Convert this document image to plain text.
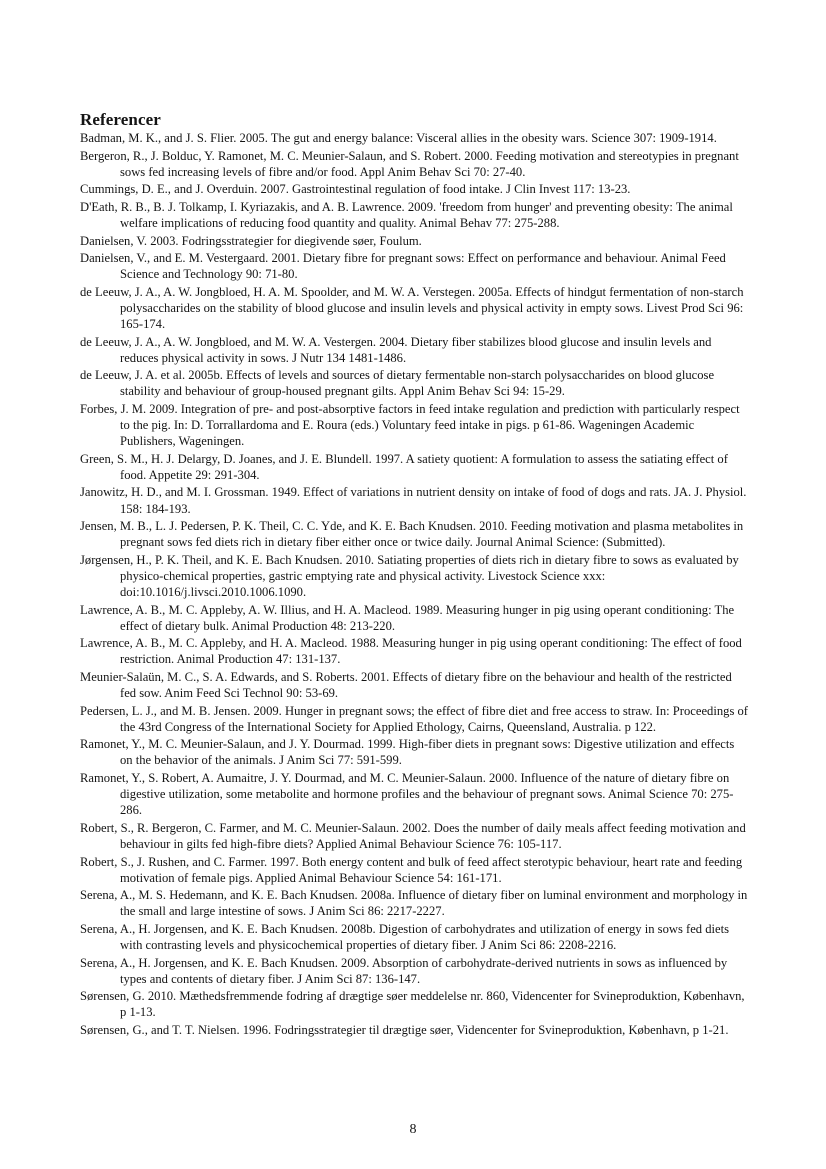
Referencer
Badman, M. K., and J. S. Flier. 2005. The gut and energy balance: Visceral allies in the obesity wars. Science 307: 1909-1914.
Bergeron, R., J. Bolduc, Y. Ramonet, M. C. Meunier-Salaun, and S. Robert. 2000. Feeding motivation and stereotypies in pregnant sows fed increasing levels of fibre and/or food. Appl Anim Behav Sci 70: 27-40.
Cummings, D. E., and J. Overduin. 2007. Gastrointestinal regulation of food intake. J Clin Invest 117: 13-23.
D'Eath, R. B., B. J. Tolkamp, I. Kyriazakis, and A. B. Lawrence. 2009. 'freedom from hunger' and preventing obesity: The animal welfare implications of reducing food quantity and quality. Animal Behav 77: 275-288.
Danielsen, V. 2003. Fodringsstrategier for diegivende søer, Foulum.
Danielsen, V., and E. M. Vestergaard. 2001. Dietary fibre for pregnant sows: Effect on performance and behaviour. Animal Feed Science and Technology 90: 71-80.
de Leeuw, J. A., A. W. Jongbloed, H. A. M. Spoolder, and M. W. A. Verstegen. 2005a. Effects of hindgut fermentation of non-starch polysaccharides on the stability of blood glucose and insulin levels and physical activity in empty sows. Livest Prod Sci 96: 165-174.
de Leeuw, J. A., A. W. Jongbloed, and M. W. A. Vestergen. 2004. Dietary fiber stabilizes blood glucose and insulin levels and reduces physical activity in sows. J Nutr 134 1481-1486.
de Leeuw, J. A. et al. 2005b. Effects of levels and sources of dietary fermentable non-starch polysaccharides on blood glucose stability and behaviour of group-housed pregnant gilts. Appl Anim Behav Sci 94: 15-29.
Forbes, J. M. 2009. Integration of pre- and post-absorptive factors in feed intake regulation and prediction with particularly respect to the pig. In: D. Torrallardoma and E. Roura (eds.) Voluntary feed intake in pigs. p 61-86. Wageningen Academic Publishers, Wageningen.
Green, S. M., H. J. Delargy, D. Joanes, and J. E. Blundell. 1997. A satiety quotient: A formulation to assess the satiating effect of food. Appetite 29: 291-304.
Janowitz, H. D., and M. I. Grossman. 1949. Effect of variations in nutrient density on intake of food of dogs and rats. JA. J. Physiol. 158: 184-193.
Jensen, M. B., L. J. Pedersen, P. K. Theil, C. C. Yde, and K. E. Bach Knudsen. 2010. Feeding motivation and plasma metabolites in pregnant sows fed diets rich in dietary fiber either once or twice daily. Journal Animal Science: (Submitted).
Jørgensen, H., P. K. Theil, and K. E. Bach Knudsen. 2010. Satiating properties of diets rich in dietary fibre to sows as evaluated by physico-chemical properties, gastric emptying rate and physical activity. Livestock Science xxx: doi:10.1016/j.livsci.2010.1006.1090.
Lawrence, A. B., M. C. Appleby, A. W. Illius, and H. A. Macleod. 1989. Measuring hunger in pig using operant conditioning: The effect of dietary bulk. Animal Production 48: 213-220.
Lawrence, A. B., M. C. Appleby, and H. A. Macleod. 1988. Measuring hunger in pig using operant conditioning: The effect of food restriction. Animal Production 47: 131-137.
Meunier-Salaün, M. C., S. A. Edwards, and S. Roberts. 2001. Effects of dietary fibre on the behaviour and health of the restricted fed sow. Anim Feed Sci Technol 90: 53-69.
Pedersen, L. J., and M. B. Jensen. 2009. Hunger in pregnant sows; the effect of fibre diet and free access to straw. In: Proceedings of the 43rd Congress of the International Society for Applied Ethology, Cairns, Queensland, Australia. p 122.
Ramonet, Y., M. C. Meunier-Salaun, and J. Y. Dourmad. 1999. High-fiber diets in pregnant sows: Digestive utilization and effects on the behavior of the animals. J Anim Sci 77: 591-599.
Ramonet, Y., S. Robert, A. Aumaitre, J. Y. Dourmad, and M. C. Meunier-Salaun. 2000. Influence of the nature of dietary fibre on digestive utilization, some metabolite and hormone profiles and the behaviour of pregnant sows. Animal Science 70: 275-286.
Robert, S., R. Bergeron, C. Farmer, and M. C. Meunier-Salaun. 2002. Does the number of daily meals affect feeding motivation and behaviour in gilts fed high-fibre diets? Applied Animal Behaviour Science 76: 105-117.
Robert, S., J. Rushen, and C. Farmer. 1997. Both energy content and bulk of feed affect sterotypic behaviour, heart rate and feeding motivation of female pigs. Applied Animal Behaviour Science 54: 161-171.
Serena, A., M. S. Hedemann, and K. E. Bach Knudsen. 2008a. Influence of dietary fiber on luminal environment and morphology in the small and large intestine of sows. J Anim Sci 86: 2217-2227.
Serena, A., H. Jorgensen, and K. E. Bach Knudsen. 2008b. Digestion of carbohydrates and utilization of energy in sows fed diets with contrasting levels and physicochemical properties of dietary fiber. J Anim Sci 86: 2208-2216.
Serena, A., H. Jorgensen, and K. E. Bach Knudsen. 2009. Absorption of carbohydrate-derived nutrients in sows as influenced by types and contents of dietary fiber. J Anim Sci 87: 136-147.
Sørensen, G. 2010. Mæthedsfremmende fodring af drægtige søer meddelelse nr. 860, Videncenter for Svineproduktion, København, p 1-13.
Sørensen, G., and T. T. Nielsen. 1996. Fodringsstrategier til drægtige søer, Videncenter for Svineproduktion, København, p 1-21.
8
